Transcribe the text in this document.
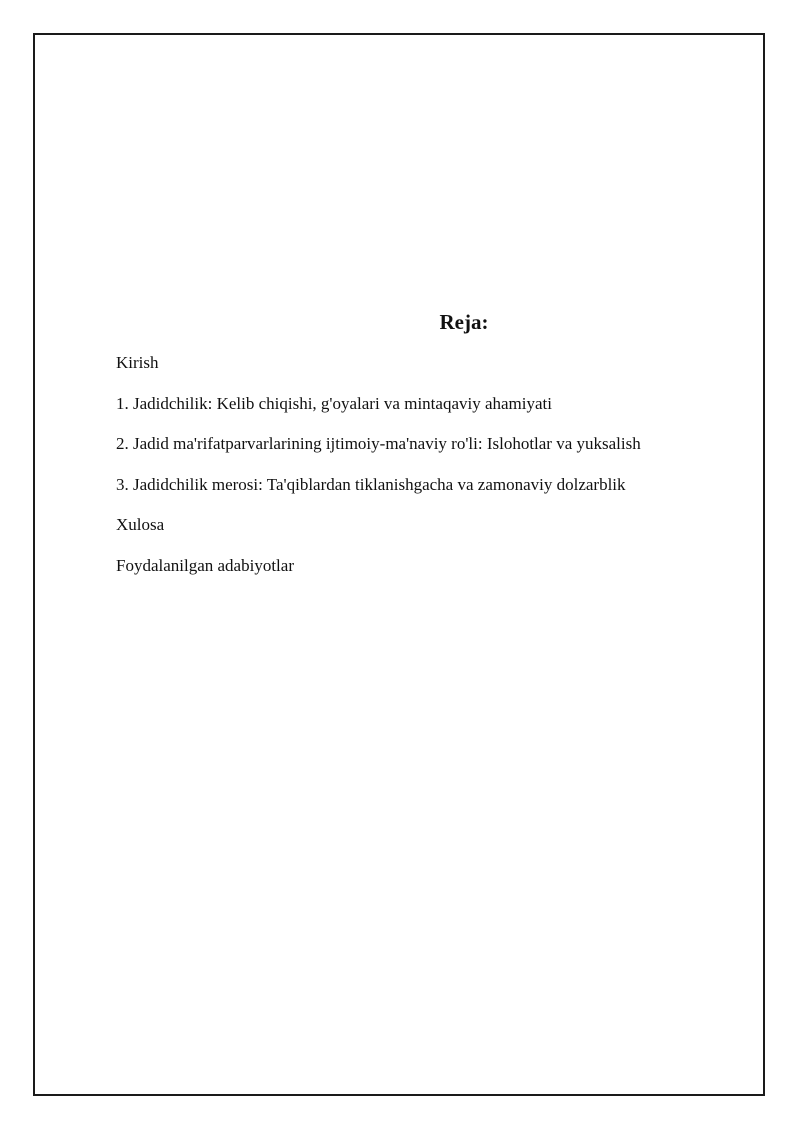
Reja:
Kirish
1. Jadidchilik: Kelib chiqishi, g'oyalari va mintaqaviy ahamiyati
2. Jadid ma'rifatparvarlarining ijtimoiy-ma'naviy ro'li: Islohotlar va yuksalish
3. Jadidchilik merosi: Ta'qiblardan tiklanishgacha va zamonaviy dolzarblik
Xulosa
Foydalanilgan adabiyotlar
